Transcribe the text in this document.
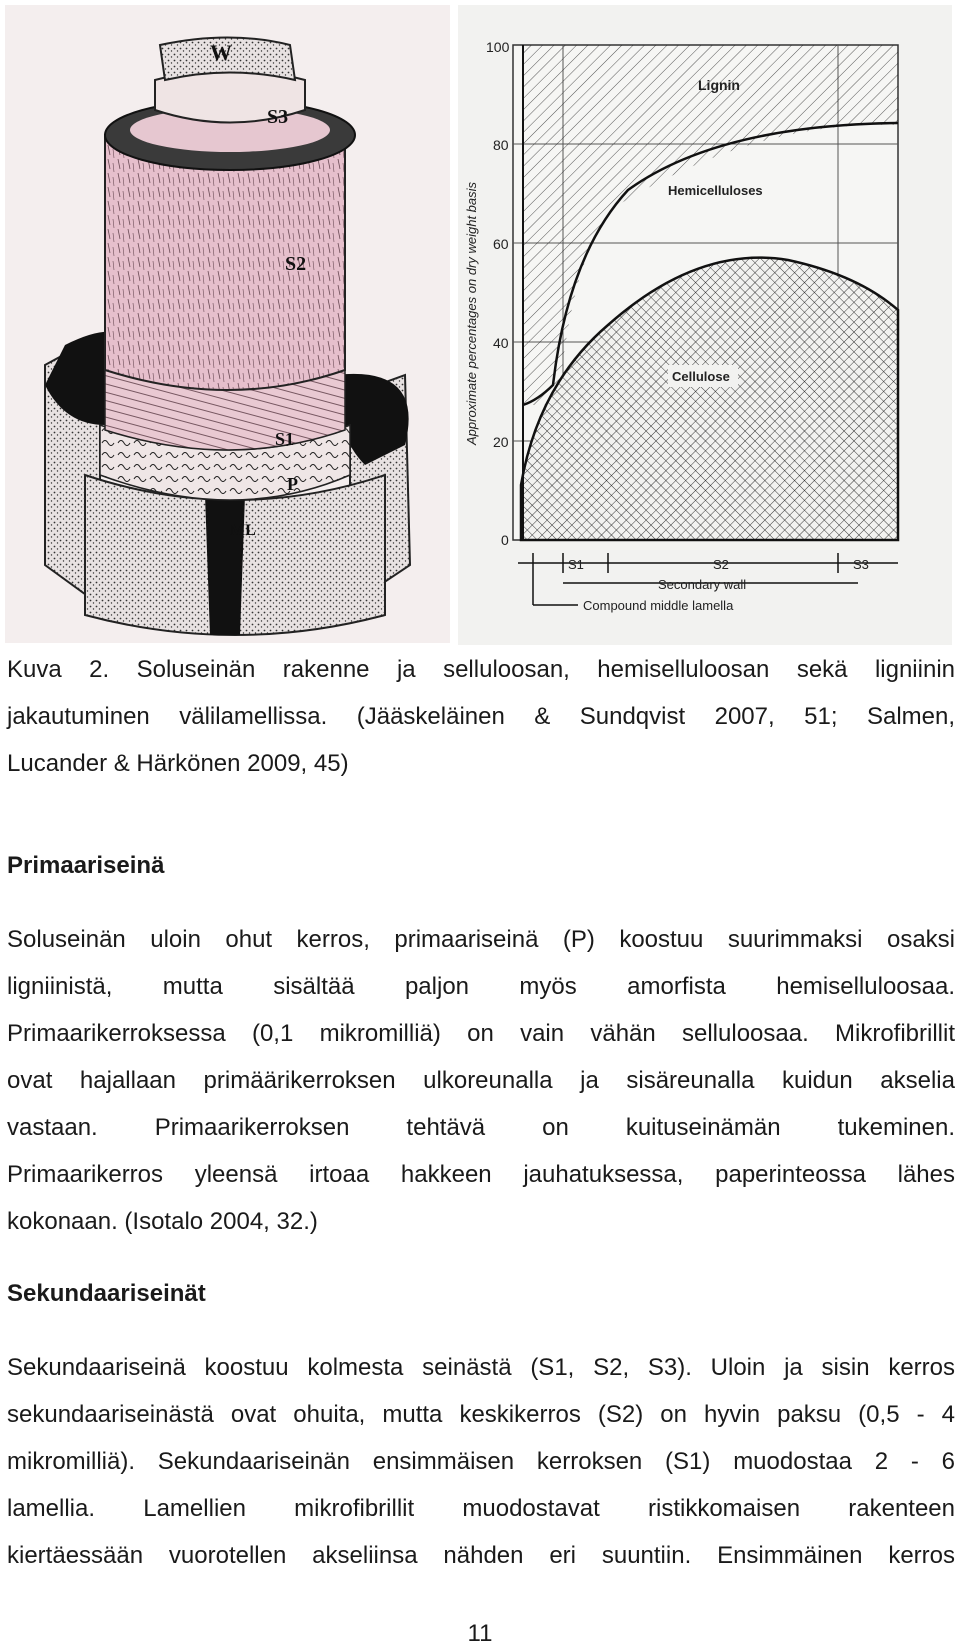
W
S3
S2
S1
P
ML
100
80
60
40
20
0
Approximate percentages on dry weight basis
Lignin
Hemicelluloses
Cellulose
S1	S2	S3
Secondary wall
Compound middle lamella
Kuva 2. Soluseinän rakenne ja selluloosan, hemiselluloosan sekä ligniinin
jakautuminen välilamellissa. (Jääskeläinen & Sundqvist 2007, 51; Salmen,
Lucander & Härkönen 2009, 45)
Primaariseinä
Soluseinän uloin ohut kerros, primaariseinä (P) koostuu suurimmaksi osaksi
ligniinistä, mutta sisältää paljon myös amorfista hemiselluloosaa.
Primaarikerroksessa (0,1 mikromilliä) on vain vähän selluloosaa. Mikrofibrillit
ovat hajallaan primäärikerroksen ulkoreunalla ja sisäreunalla kuidun akselia
vastaan. Primaarikerroksen tehtävä on kuituseinämän tukeminen.
Primaarikerros yleensä irtoaa hakkeen jauhatuksessa, paperinteossa lähes
kokonaan. (Isotalo 2004, 32.)
Sekundaariseinät
Sekundaariseinä koostuu kolmesta seinästä (S1, S2, S3). Uloin ja sisin kerros
sekundaariseinästä ovat ohuita, mutta keskikerros (S2) on hyvin paksu (0,5 - 4
mikromilliä). Sekundaariseinän ensimmäisen kerroksen (S1) muodostaa 2 - 6
lamellia. Lamellien mikrofibrillit muodostavat ristikkomaisen rakenteen
kiertäessään vuorotellen akseliinsa nähden eri suuntiin. Ensimmäinen kerros
11
